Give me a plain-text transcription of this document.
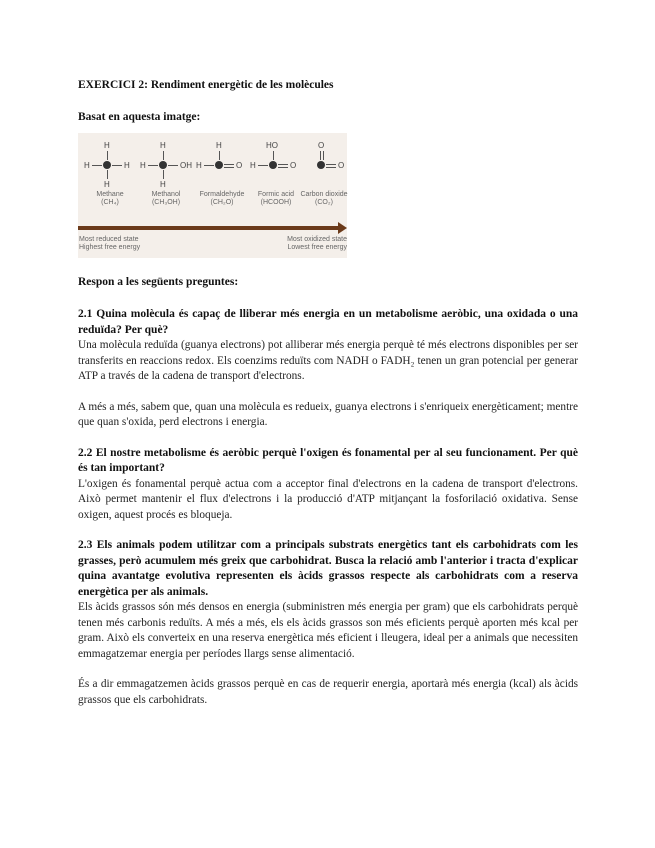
EXERCICI 2: Rendiment energètic de les molècules

Basat en aquesta imatge:

H
H	H
H
Methane
(CH₄)
H
H	OH
H
Methanol
(CH₃OH)
H
H	O
Formaldehyde
(CH₂O)
HO
H	O
Formic acid
(HCOOH)
O
O
Carbon dioxide
(CO₂)
Most reduced state
Highest free energy
Most oxidized state
Lowest free energy

Respon a les següents preguntes:

2.1 Quina molècula és capaç de lliberar més energia en un metabolisme aeròbic, una oxidada o una reduïda? Per què?

Una molècula reduïda (guanya electrons) pot alliberar més energia perquè té més electrons disponibles per ser transferits en reaccions redox. Els coenzims reduïts com NADH o FADH₂ tenen un gran potencial per generar ATP a través de la cadena de transport d'electrons.

A més a més, sabem que, quan una molècula es redueix, guanya electrons i s'enriqueix energèticament; mentre que quan s'oxida, perd electrons i energia.

2.2 El nostre metabolisme és aeròbic perquè l'oxigen és fonamental per al seu funcionament. Per què és tan important?

L'oxigen és fonamental perquè actua com a acceptor final d'electrons en la cadena de transport d'electrons. Això permet mantenir el flux d'electrons i la producció d'ATP mitjançant la fosforilació oxidativa. Sense oxigen, aquest procés es bloqueja.

2.3 Els animals podem utilitzar com a principals substrats energètics tant els carbohidrats com les grasses, però acumulem més greix que carbohidrat. Busca la relació amb l'anterior i tracta d'explicar quina avantatge evolutiva representen els àcids grassos respecte als carbohidrats com a reserva energètica per als animals.

Els àcids grassos són més densos en energia (subministren més energia per gram) que els carbohidrats perquè tenen més carbonis reduïts. A més a més, els els àcids grassos son més eficients perquè aporten més kcal per gram. Això els converteix en una reserva energètica més eficient i lleugera, ideal per a animals que necessiten emmagatzemar energia per períodes llargs sense alimentació.

És a dir emmagatzemen àcids grassos perquè en cas de requerir energia, aportarà més energia (kcal) als àcids grassos que els carbohidrats.
